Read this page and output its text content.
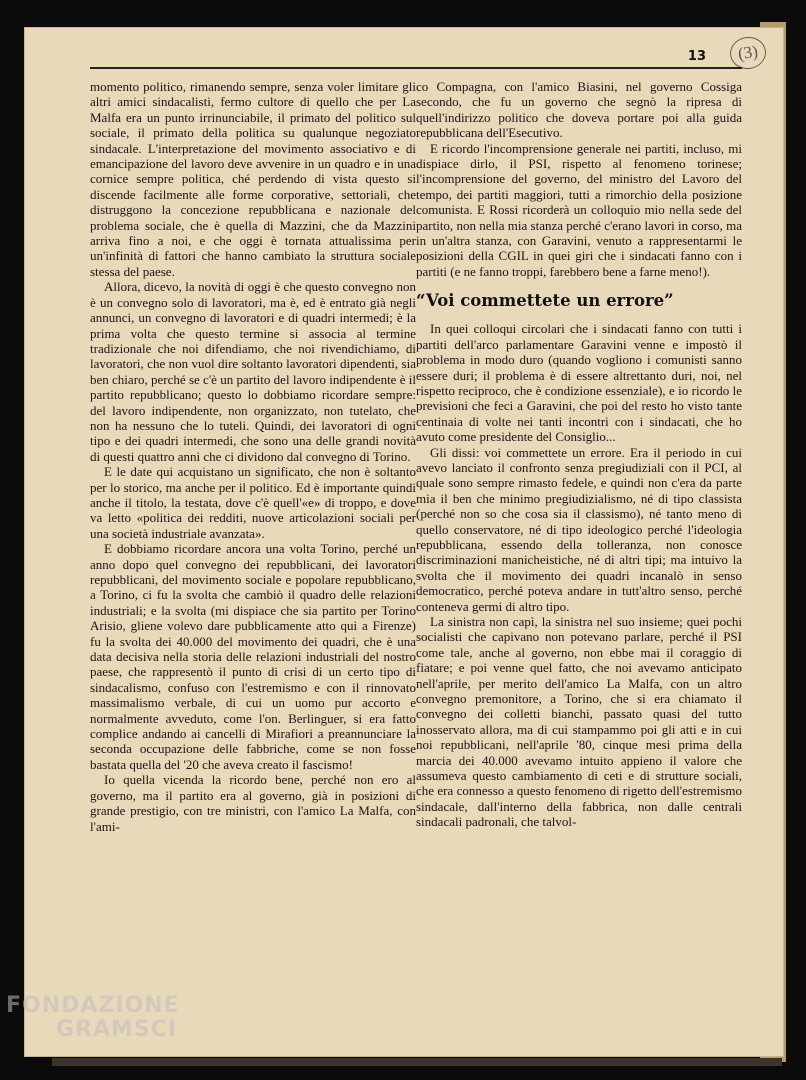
(3)
13

momento politico, rimanendo sempre, senza voler limitare gli altri amici sindacalisti, fermo cultore di quello che per La Malfa era un punto irrinunciabile, il primato del politico sul sociale, il primato della politica su qualunque negoziato sindacale. L'interpretazione del movimento associativo e di emancipazione del lavoro deve avvenire in un quadro e in una cornice sempre politica, ché perdendo di vista questo si discende facilmente alle forme corporative, settoriali, che distruggono la concezione repubblicana e nazionale del problema sociale, che è quella di Mazzini, che da Mazzini arriva fino a noi, e che oggi è tornata attualissima per un'infinità di fattori che hanno cambiato la struttura sociale stessa del paese.

Allora, dicevo, la novità di oggi è che questo convegno non è un convegno solo di lavoratori, ma è, ed è entrato già negli annunci, un convegno di lavoratori e di quadri intermedi; è la prima volta che questo termine si associa al termine tradizionale che noi difendiamo, che noi rivendichiamo, di lavoratori, che non vuol dire soltanto lavoratori dipendenti, sia ben chiaro, perché se c'è un partito del lavoro indipendente è il partito repubblicano; questo lo dobbiamo ricordare sempre: del lavoro indipendente, non organizzato, non tutelato, che non ha nessuno che lo tuteli. Quindi, dei lavoratori di ogni tipo e dei quadri intermedi, che sono una delle grandi novità di questi quattro anni che ci dividono dal convegno di Torino.

E le date qui acquistano un significato, che non è soltanto per lo storico, ma anche per il politico. Ed è importante quindi anche il titolo, la testata, dove c'è quell'«e» di troppo, e dove va letto «politica dei redditi, nuove articolazioni sociali per una società industriale avanzata».

E dobbiamo ricordare ancora una volta Torino, perché un anno dopo quel convegno dei repubblicani, dei lavoratori repubblicani, del movimento sociale e popolare repubblicano, a Torino, ci fu la svolta che cambiò il quadro delle relazioni industriali; e la svolta (mi dispiace che sia partito per Torino Arisio, gliene volevo dare pubblicamente atto qui a Firenze) fu la svolta dei 40.000 del movimento dei quadri, che è una data decisiva nella storia delle relazioni industriali del nostro paese, che rappresentò il punto di crisi di un certo tipo di sindacalismo, confuso con l'estremismo e con il rinnovato massimalismo verbale, di cui un uomo pur accorto e normalmente avveduto, come l'on. Berlinguer, si era fatto complice andando ai cancelli di Mirafiori a preannunciare la seconda occupazione delle fabbriche, come se non fosse bastata quella del '20 che aveva creato il fascismo!

Io quella vicenda la ricordo bene, perché non ero al governo, ma il partito era al governo, già in posizioni di grande prestigio, con tre ministri, con l'amico La Malfa, con l'ami-

co Compagna, con l'amico Biasini, nel governo Cossiga secondo, che fu un governo che segnò la ripresa di quell'indirizzo politico che doveva portare poi alla guida repubblicana dell'Esecutivo.

E ricordo l'incomprensione generale nei partiti, incluso, mi dispiace dirlo, il PSI, rispetto al fenomeno torinese; l'incomprensione del governo, del ministro del Lavoro del tempo, dei partiti maggiori, tutti a rimorchio della posizione comunista. E Rossi ricorderà un colloquio mio nella sede del partito, non nella mia stanza perché c'erano lavori in corso, ma in un'altra stanza, con Garavini, venuto a rappresentarmi le posizioni della CGIL in quei giri che i sindacati fanno con i partiti (e ne fanno troppi, farebbero bene a farne meno!).

“Voi commettete un errore”

In quei colloqui circolari che i sindacati fanno con tutti i partiti dell'arco parlamentare Garavini venne e impostò il problema in modo duro (quando vogliono i comunisti sanno essere duri; il problema è di essere altrettanto duri, noi, nel rispetto reciproco, che è condizione essenziale), e io ricordo le previsioni che feci a Garavini, che poi del resto ho visto tante centinaia di volte nei tanti incontri con i sindacati, che ho avuto come presidente del Consiglio...

Gli dissi: voi commettete un errore. Era il periodo in cui avevo lanciato il confronto senza pregiudiziali con il PCI, al quale sono sempre rimasto fedele, e quindi non c'era da parte mia il ben che minimo pregiudizialismo, né di tipo classista (perché non so che cosa sia il classismo), né tanto meno di quello conservatore, né di tipo ideologico perché l'ideologia repubblicana, essendo della tolleranza, non conosce discriminazioni manicheistiche, né di altri tipi; ma intuivo la svolta che il movimento dei quadri incanalò in senso democratico, perché poteva andare in tutt'altro senso, perché conteneva germi di altro tipo.

La sinistra non capì, la sinistra nel suo insieme; quei pochi socialisti che capivano non potevano parlare, perché il PSI come tale, anche al governo, non ebbe mai il coraggio di fiatare; e poi venne quel fatto, che noi avevamo anticipato nell'aprile, per merito dell'amico La Malfa, con un altro convegno premonitore, a Torino, che si era chiamato il convegno dei colletti bianchi, passato quasi del tutto inosservato allora, ma di cui stampammo poi gli atti e in cui noi repubblicani, nell'aprile '80, cinque mesi prima della marcia dei 40.000 avevamo intuito appieno il valore che assumeva questo cambiamento di ceti e di strutture sociali, che era connesso a questo fenomeno di rigetto dell'estremismo sindacale, dall'interno della fabbrica, non dalle centrali sindacali padronali, che talvol-

FONDAZIONE
GRAMSCI
